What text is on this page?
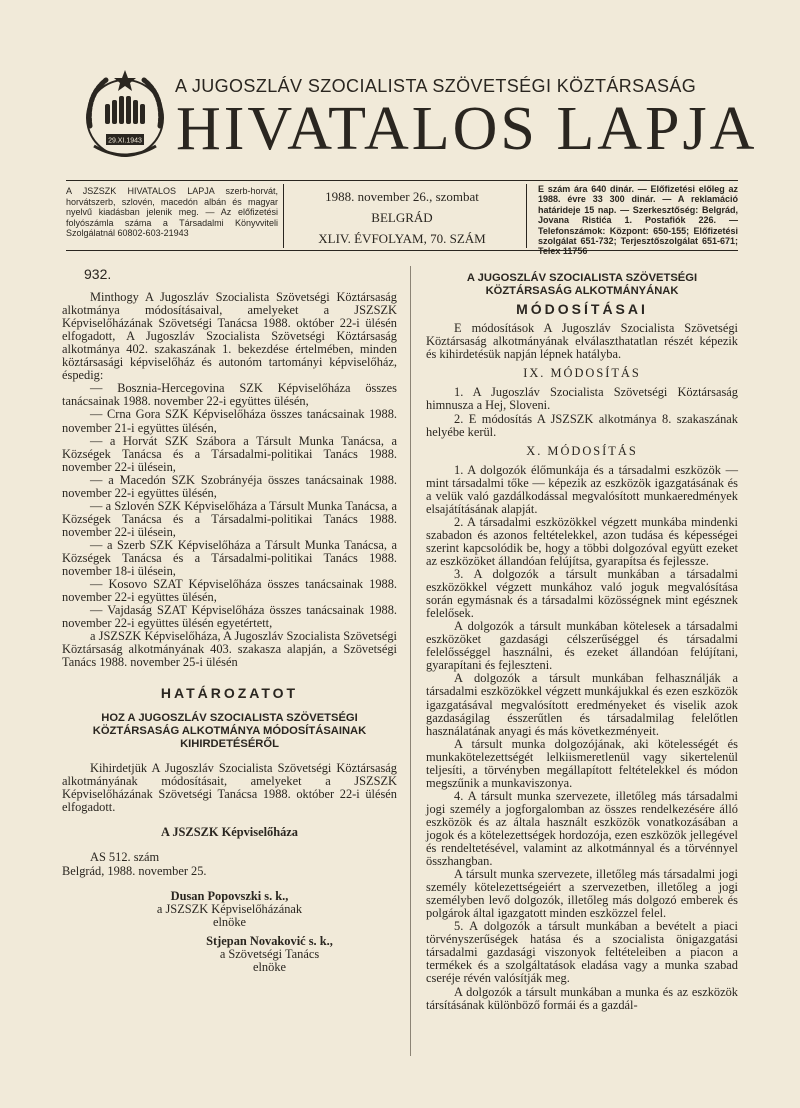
29.XI.1943
A JUGOSZLÁV SZOCIALISTA SZÖVETSÉGI KÖZTÁRSASÁG
HIVATALOS LAPJA
A JSZSZK HIVATALOS LAPJA szerb-horvát, horvátszerb, szlovén, macedón albán és magyar nyelvű kiadásban jelenik meg. — Az előfizetési folyószámla száma a Társadalmi Könyvviteli Szolgálatnál 60802-603-21943
1988. november 26., szombat
BELGRÁD
XLIV. ÉVFOLYAM, 70. SZÁM
E szám ára 640 dinár. — Előfizetési előleg az 1988. évre 33 300 dinár. — A reklamáció határideje 15 nap. — Szerkesztőség: Belgrád, Jovana Ristića 1. Postafiók 226. — Telefonszámok: Központ: 650-155; Előfizetési szolgálat 651-732; Terjesztőszolgálat 651-671; Telex 11756

932.

Minthogy A Jugoszláv Szocialista Szövetségi Köztársaság alkotmánya módosításaival, amelyeket a JSZSZK Képviselőházának Szövetségi Tanácsa 1988. október 22-i ülésén elfogadott, A Jugoszláv Szocialista Szövetségi Köztársaság alkotmánya 402. szakaszának 1. bekezdése értelmében, minden köztársasági képviselőház és autonóm tartományi képviselőház, éspedig:

— Bosznia-Hercegovina SZK Képviselőháza összes tanácsainak 1988. november 22-i együttes ülésén,

— Crna Gora SZK Képviselőháza összes tanácsainak 1988. november 21-i együttes ülésén,

— a Horvát SZK Szábora a Társult Munka Tanácsa, a Községek Tanácsa és a Társadalmi-politikai Tanács 1988. november 22-i ülésein,

— a Macedón SZK Szobrányéja összes tanácsainak 1988. november 22-i együttes ülésén,

— a Szlovén SZK Képviselőháza a Társult Munka Tanácsa, a Községek Tanácsa és a Társadalmi-politikai Tanács 1988. november 22-i ülésein,

— a Szerb SZK Képviselőháza a Társult Munka Tanácsa, a Községek Tanácsa és a Társadalmi-politikai Tanács 1988. november 18-i ülésein,

— Kosovo SZAT Képviselőháza összes tanácsainak 1988. november 22-i együttes ülésén,

— Vajdaság SZAT Képviselőháza összes tanácsainak 1988. november 22-i együttes ülésén egyetértett,

a JSZSZK Képviselőháza, A Jugoszláv Szocialista Szövetségi Köztársaság alkotmányának 403. szakasza alapján, a Szövetségi Tanács 1988. november 25-i ülésén

HATÁROZATOT

HOZ A JUGOSZLÁV SZOCIALISTA SZÖVETSÉGI KÖZTÁRSASÁG ALKOTMÁNYA MÓDOSÍTÁSAINAK KIHIRDETÉSÉRŐL

Kihirdetjük A Jugoszláv Szocialista Szövetségi Köztársaság alkotmányának módosításait, amelyeket a JSZSZK Képviselőházának Szövetségi Tanácsa 1988. október 22-i ülésén elfogadott.

A JSZSZK Képviselőháza

AS 512. szám

Belgrád, 1988. november 25.

Dusan Popovszki s. k.,

a JSZSZK Képviselőházának

elnöke

Stjepan Novaković s. k.,

a Szövetségi Tanács

elnöke

A JUGOSZLÁV SZOCIALISTA SZÖVETSÉGI KÖZTÁRSASÁG ALKOTMÁNYÁNAK

MÓDOSÍTÁSAI

E módosítások A Jugoszláv Szocialista Szövetségi Köztársaság alkotmányának elválaszthatatlan részét képezik és kihirdetésük napján lépnek hatályba.

IX. MÓDOSÍTÁS

1. A Jugoszláv Szocialista Szövetségi Köztársaság himnusza a Hej, Sloveni.

2. E módosítás A JSZSZK alkotmánya 8. szakaszának helyébe kerül.

X. MÓDOSÍTÁS

1. A dolgozók élőmunkája és a társadalmi eszközök — mint társadalmi tőke — képezik az eszközök igazgatásának és a velük való gazdálkodással megvalósított munkaeredmények elsajátításának alapját.

2. A társadalmi eszközökkel végzett munkába mindenki szabadon és azonos feltételekkel, azon tudása és képességei szerint kapcsolódik be, hogy a többi dolgozóval együtt ezeket az eszközöket állandóan felújítsa, gyarapítsa és fejlessze.

3. A dolgozók a társult munkában a társadalmi eszközökkel végzett munkához való joguk megvalósítása során egymásnak és a társadalmi közösségnek mint egésznek felelősek.

A dolgozók a társult munkában kötelesek a társadalmi eszközöket gazdasági célszerűséggel és társadalmi felelősséggel használni, és ezeket állandóan felújítani, gyarapítani és fejleszteni.

A dolgozók a társult munkában felhasználják a társadalmi eszközökkel végzett munkájukkal és ezen eszközök igazgatásával megvalósított eredményeket és viselik azok gazdaságilag ésszerűtlen és társadalmilag felelőtlen használatának anyagi és más következményeit.

A társult munka dolgozójának, aki kötelességét és munkakötelezettségét lelkiismeretlenül vagy sikertelenül teljesíti, a törvényben megállapított feltételekkel és módon megszűnik a munkaviszonya.

4. A társult munka szervezete, illetőleg más társadalmi jogi személy a jogforgalomban az összes rendelkezésére álló eszközök és az általa használt eszközök vonatkozásában a jogok és a kötelezettségek hordozója, ezen eszközök jellegével és rendeltetésével, valamint az alkotmánnyal és a törvénnyel összhangban.

A társult munka szervezete, illetőleg más társadalmi jogi személy kötelezettségeiért a szervezetben, illetőleg a jogi személyben levő dolgozók, illetőleg más dolgozó emberek és polgárok által igazgatott minden eszközzel felel.

5. A dolgozók a társult munkában a bevételt a piaci törvényszerűségek hatása és a szocialista önigazgatási társadalmi gazdasági viszonyok feltételeiben a piacon a termékek és a szolgáltatások eladása vagy a munka szabad cseréje révén valósítják meg.

A dolgozók a társult munkában a munka és az eszközök társításának különböző formái és a gazdál-
